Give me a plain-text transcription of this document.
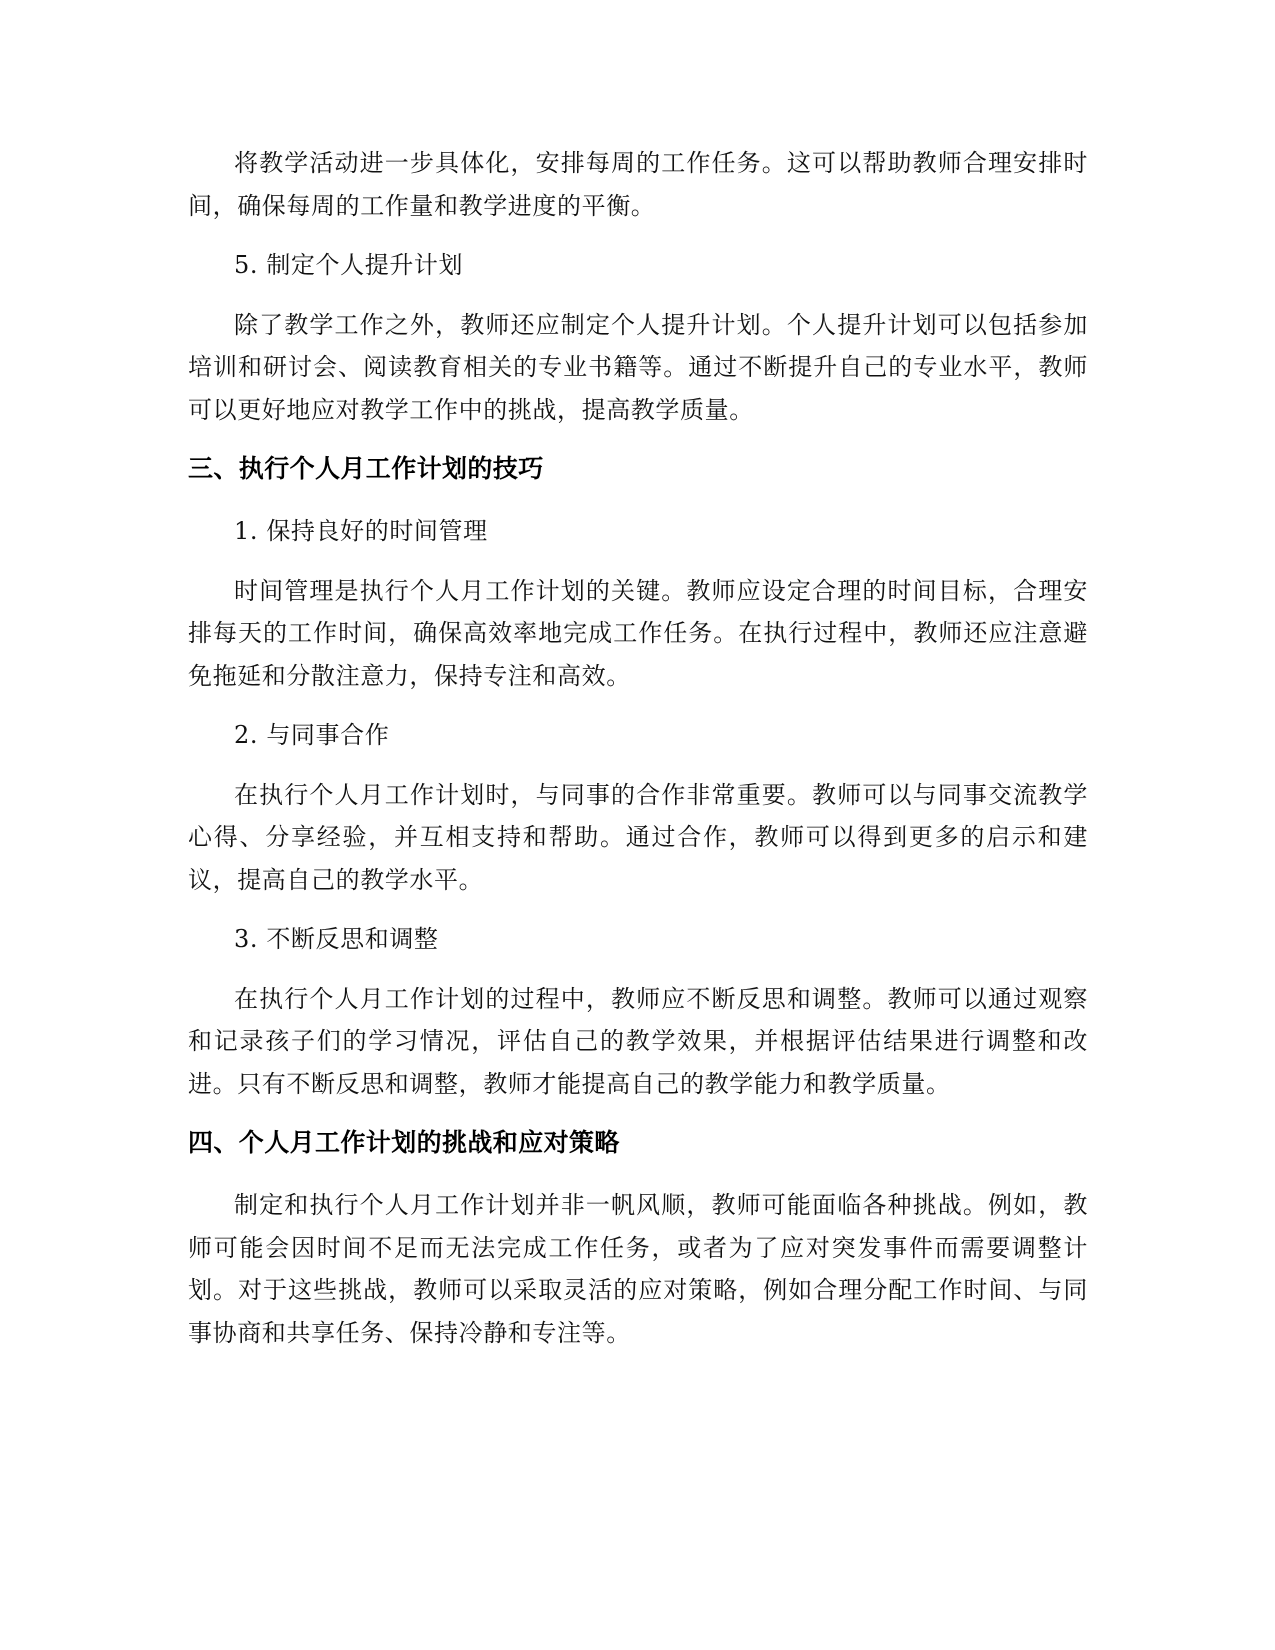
将教学活动进一步具体化，安排每周的工作任务。这可以帮助教师合理安排时间，确保每周的工作量和教学进度的平衡。

5. 制定个人提升计划

除了教学工作之外，教师还应制定个人提升计划。个人提升计划可以包括参加培训和研讨会、阅读教育相关的专业书籍等。通过不断提升自己的专业水平，教师可以更好地应对教学工作中的挑战，提高教学质量。

三、执行个人月工作计划的技巧

1. 保持良好的时间管理

时间管理是执行个人月工作计划的关键。教师应设定合理的时间目标，合理安排每天的工作时间，确保高效率地完成工作任务。在执行过程中，教师还应注意避免拖延和分散注意力，保持专注和高效。

2. 与同事合作

在执行个人月工作计划时，与同事的合作非常重要。教师可以与同事交流教学心得、分享经验，并互相支持和帮助。通过合作，教师可以得到更多的启示和建议，提高自己的教学水平。

3. 不断反思和调整

在执行个人月工作计划的过程中，教师应不断反思和调整。教师可以通过观察和记录孩子们的学习情况，评估自己的教学效果，并根据评估结果进行调整和改进。只有不断反思和调整，教师才能提高自己的教学能力和教学质量。

四、个人月工作计划的挑战和应对策略

制定和执行个人月工作计划并非一帆风顺，教师可能面临各种挑战。例如，教师可能会因时间不足而无法完成工作任务，或者为了应对突发事件而需要调整计划。对于这些挑战，教师可以采取灵活的应对策略，例如合理分配工作时间、与同事协商和共享任务、保持冷静和专注等。
